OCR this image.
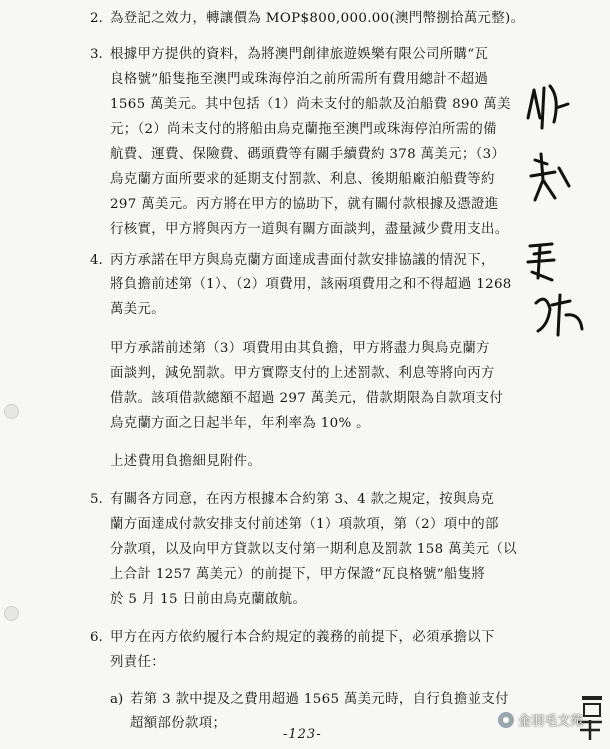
2. 為登記之效力，轉讓價為 MOP$800,000.00(澳門幣捌拾萬元整)。
3. 根據甲方提供的資料，為將澳門創律旅遊娛樂有限公司所購“瓦
良格號”船隻拖至澳門或珠海停泊之前所需所有費用總計不超過
1565 萬美元。其中包括（1）尚未支付的船款及泊船費 890 萬美
元；（2）尚未支付的將船由烏克蘭拖至澳門或珠海停泊所需的備
航費、運費、保險費、碼頭費等有關手續費約 378 萬美元；（3）
烏克蘭方面所要求的延期支付罰款、利息、後期船廠泊船費等約
297 萬美元。丙方將在甲方的協助下，就有關付款根據及憑證進
行核實，甲方將與丙方一道與有關方面談判，盡量減少費用支出。
4. 丙方承諾在甲方與烏克蘭方面達成書面付款安排協議的情況下，
將負擔前述第（1）、（2）項費用，該兩項費用之和不得超過 1268
萬美元。
甲方承諾前述第（3）項費用由其負擔，甲方將盡力與烏克蘭方
面談判，減免罰款。甲方實際支付的上述罰款、利息等將向丙方
借款。該項借款總額不超過 297 萬美元，借款期限為自款項支付
烏克蘭方面之日起半年，年利率為 10% 。
上述費用負擔細見附件。
5. 有關各方同意，在丙方根據本合約第 3、4 款之規定，按與烏克
蘭方面達成付款安排支付前述第（1）項款項，第（2）項中的部
分款項，以及向甲方貸款以支付第一期利息及罰款 158 萬美元（以
上合計 1257 萬美元）的前提下，甲方保證“瓦良格號”船隻將
於 5 月 15 日前由烏克蘭啟航。
6. 甲方在丙方依約履行本合約規定的義務的前提下，必須承擔以下
列責任：
a) 若第 3 款中提及之費用超過 1565 萬美元時，自行負擔並支付
超額部份款項；
-123-
金羽毛文苑
